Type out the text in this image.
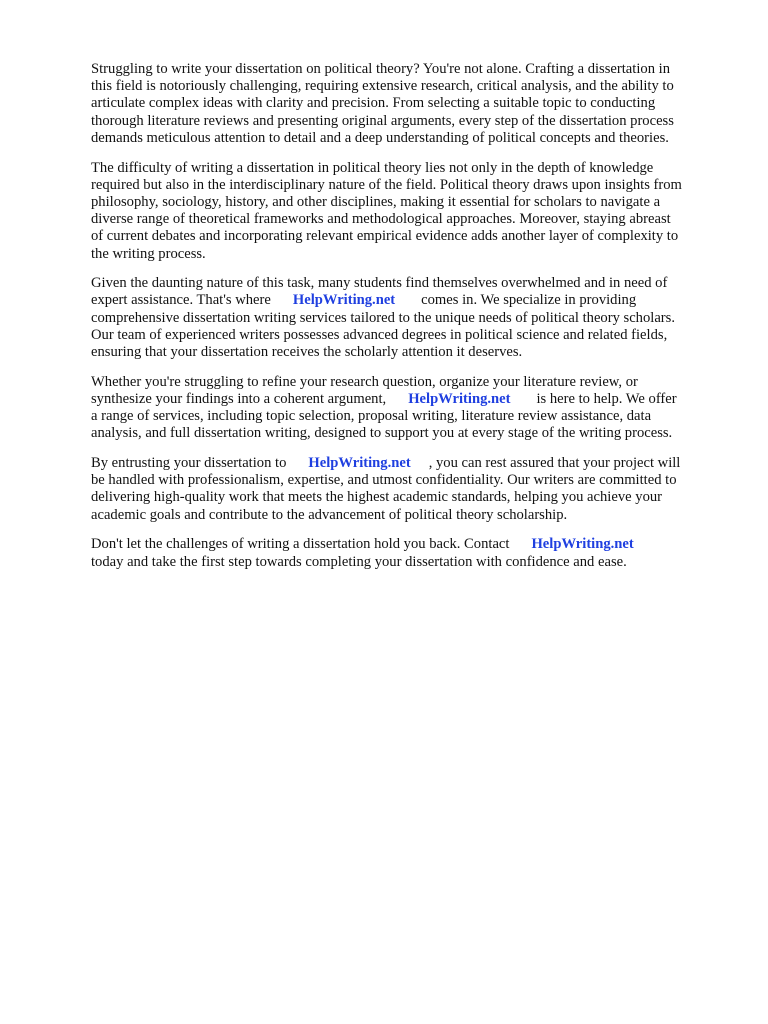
Struggling to write your dissertation on political theory? You're not alone. Crafting a dissertation in
this field is notoriously challenging, requiring extensive research, critical analysis, and the ability to
articulate complex ideas with clarity and precision. From selecting a suitable topic to conducting
thorough literature reviews and presenting original arguments, every step of the dissertation process
demands meticulous attention to detail and a deep understanding of political concepts and theories.

The difficulty of writing a dissertation in political theory lies not only in the depth of knowledge
required but also in the interdisciplinary nature of the field. Political theory draws upon insights from
philosophy, sociology, history, and other disciplines, making it essential for scholars to navigate a
diverse range of theoretical frameworks and methodological approaches. Moreover, staying abreast
of current debates and incorporating relevant empirical evidence adds another layer of complexity to
the writing process.

Given the daunting nature of this task, many students find themselves overwhelmed and in need of
expert assistance. That's where HelpWriting.net comes in. We specialize in providing
comprehensive dissertation writing services tailored to the unique needs of political theory scholars.
Our team of experienced writers possesses advanced degrees in political science and related fields,
ensuring that your dissertation receives the scholarly attention it deserves.

Whether you're struggling to refine your research question, organize your literature review, or
synthesize your findings into a coherent argument, HelpWriting.net is here to help. We offer
a range of services, including topic selection, proposal writing, literature review assistance, data
analysis, and full dissertation writing, designed to support you at every stage of the writing process.

By entrusting your dissertation to HelpWriting.net , you can rest assured that your project will
be handled with professionalism, expertise, and utmost confidentiality. Our writers are committed to
delivering high-quality work that meets the highest academic standards, helping you achieve your
academic goals and contribute to the advancement of political theory scholarship.

Don't let the challenges of writing a dissertation hold you back. Contact HelpWriting.net
today and take the first step towards completing your dissertation with confidence and ease.
